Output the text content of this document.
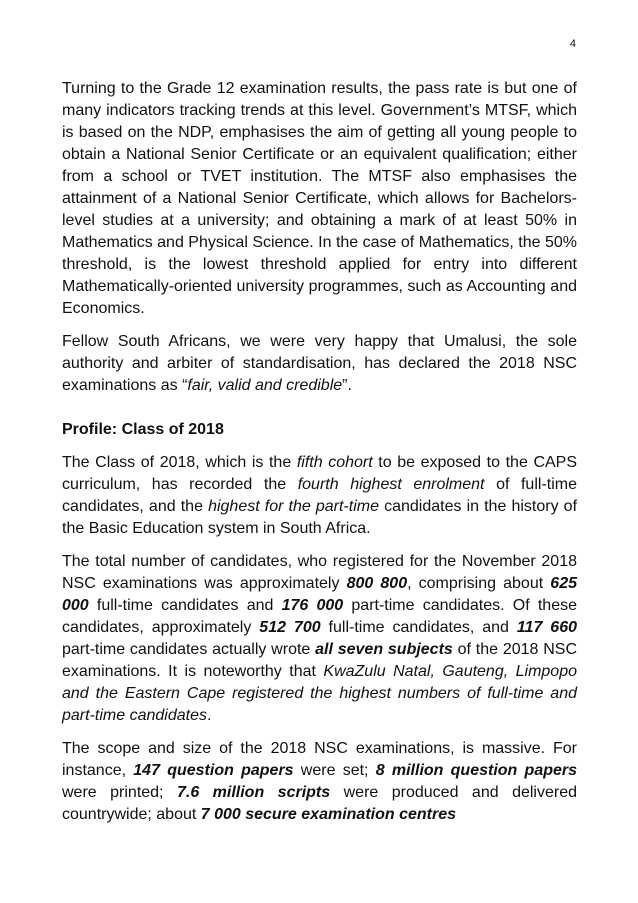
4

Turning to the Grade 12 examination results, the pass rate is but one of many indicators tracking trends at this level. Government’s MTSF, which is based on the NDP, emphasises the aim of getting all young people to obtain a National Senior Certificate or an equivalent qualification; either from a school or TVET institution. The MTSF also emphasises the attainment of a National Senior Certificate, which allows for Bachelors-level studies at a university; and obtaining a mark of at least 50% in Mathematics and Physical Science. In the case of Mathematics, the 50% threshold, is the lowest threshold applied for entry into different Mathematically-oriented university programmes, such as Accounting and Economics.

Fellow South Africans, we were very happy that Umalusi, the sole authority and arbiter of standardisation, has declared the 2018 NSC examinations as “fair, valid and credible”.

Profile: Class of 2018

The Class of 2018, which is the fifth cohort to be exposed to the CAPS curriculum, has recorded the fourth highest enrolment of full-time candidates, and the highest for the part-time candidates in the history of the Basic Education system in South Africa.

The total number of candidates, who registered for the November 2018 NSC examinations was approximately 800 800, comprising about 625 000 full-time candidates and 176 000 part-time candidates. Of these candidates, approximately 512 700 full-time candidates, and 117 660 part-time candidates actually wrote all seven subjects of the 2018 NSC examinations. It is noteworthy that KwaZulu Natal, Gauteng, Limpopo and the Eastern Cape registered the highest numbers of full-time and part-time candidates.

The scope and size of the 2018 NSC examinations, is massive. For instance, 147 question papers were set; 8 million question papers were printed; 7.6 million scripts were produced and delivered countrywide; about 7 000 secure examination centres
